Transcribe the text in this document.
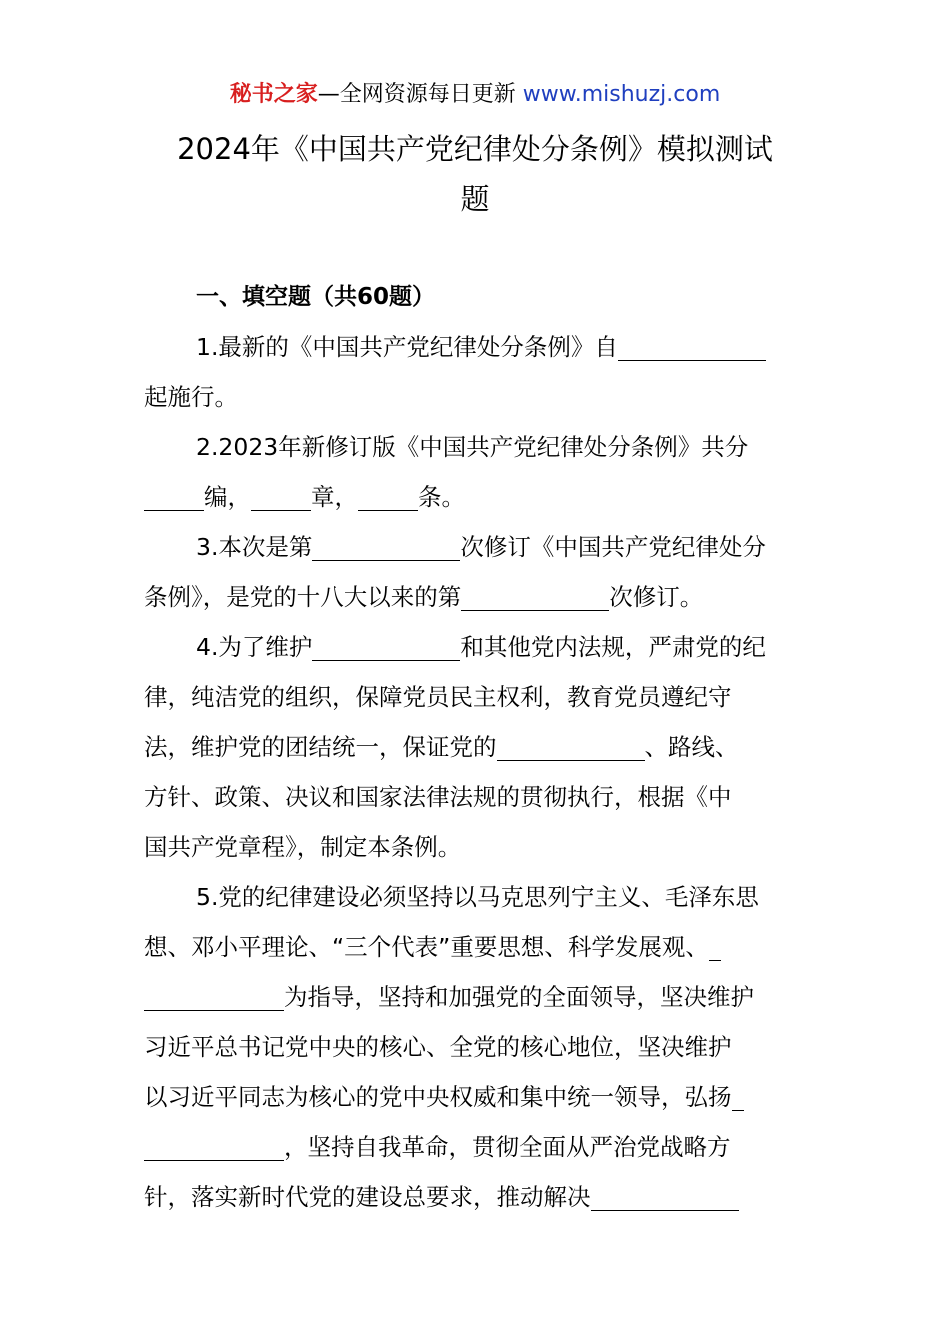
秘书之家—全网资源每日更新 www.mishuzj.com
2024年《中国共产党纪律处分条例》模拟测试
题
一、填空题（共60题）
1.最新的《中国共产党纪律处分条例》自
起施行。
2.2023年新修订版《中国共产党纪律处分条例》共分
编，	章，	条。
3.本次是第	次修订《中国共产党纪律处分
条例》，是党的十八大以来的第	次修订。
4.为了维护	和其他党内法规，严肃党的纪
律，纯洁党的组织，保障党员民主权利，教育党员遵纪守
法，维护党的团结统一，保证党的	、路线、
方针、政策、决议和国家法律法规的贯彻执行，根据《中
国共产党章程》，制定本条例。
5.党的纪律建设必须坚持以马克思列宁主义、毛泽东思
想、邓小平理论、“三个代表”重要思想、科学发展观、
为指导，坚持和加强党的全面领导，坚决维护
习近平总书记党中央的核心、全党的核心地位，坚决维护
以习近平同志为核心的党中央权威和集中统一领导，弘扬
，坚持自我革命，贯彻全面从严治党战略方
针，落实新时代党的建设总要求，推动解决
